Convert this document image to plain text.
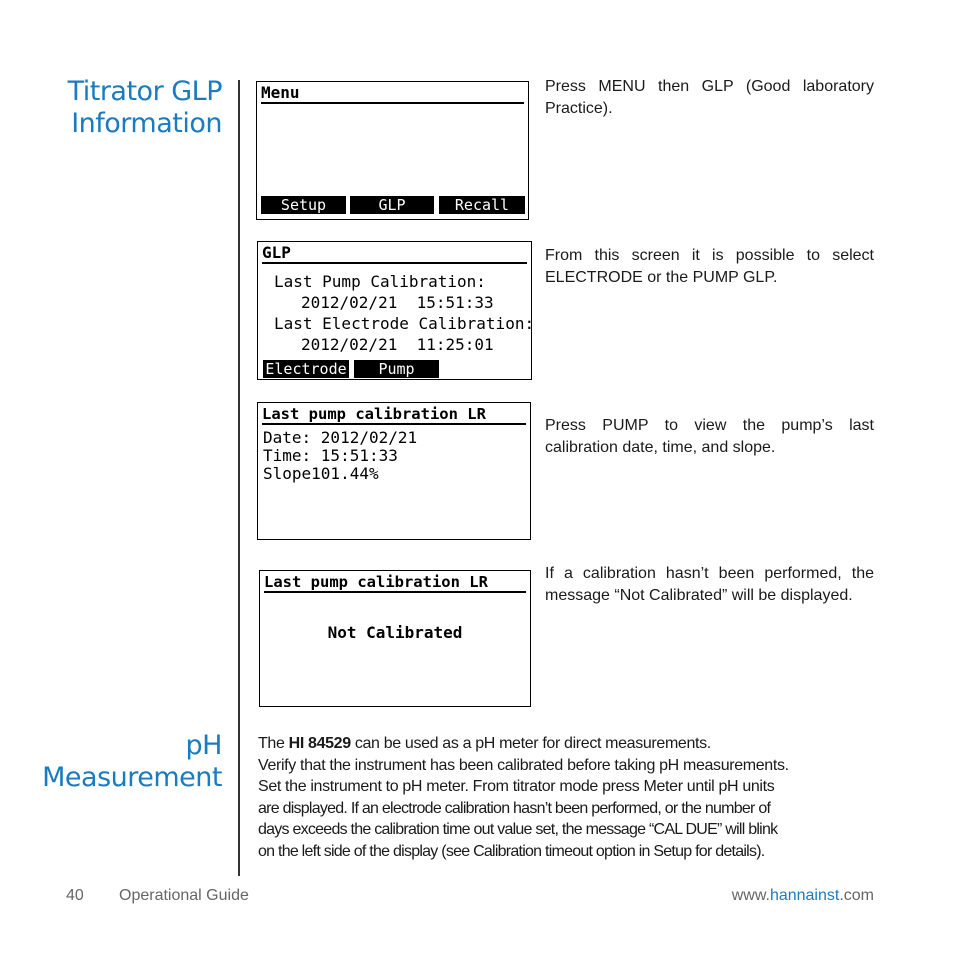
Titrator GLP
Information
pH
Measurement
Menu
Setup	GLP	Recall
Press MENU then GLP (Good laboratory Practice).
GLP
Last Pump Calibration:
2012/02/21  15:51:33
Last Electrode Calibration:
2012/02/21  11:25:01
Electrode	Pump
From this screen it is possible to select ELECTRODE or the PUMP GLP.
Last pump calibration LR
Date: 2012/02/21
Time: 15:51:33
Slope101.44%
Press PUMP to view the pump’s last calibration date, time, and slope.
Last pump calibration LR
Not Calibrated
If a calibration hasn’t been performed, the message “Not Calibrated” will be displayed.
The HI 84529 can be used as a pH meter for direct measurements.
Verify that the instrument has been calibrated before taking pH measurements.
Set the instrument to pH meter. From titrator mode press Meter until pH units
are displayed. If an electrode calibration hasn’t been performed, or the number of
days exceeds the calibration time out value set, the message “CAL DUE” will blink
on the left side of the display (see Calibration timeout option in Setup for details).
40 Operational Guide	www.hannainst.com
